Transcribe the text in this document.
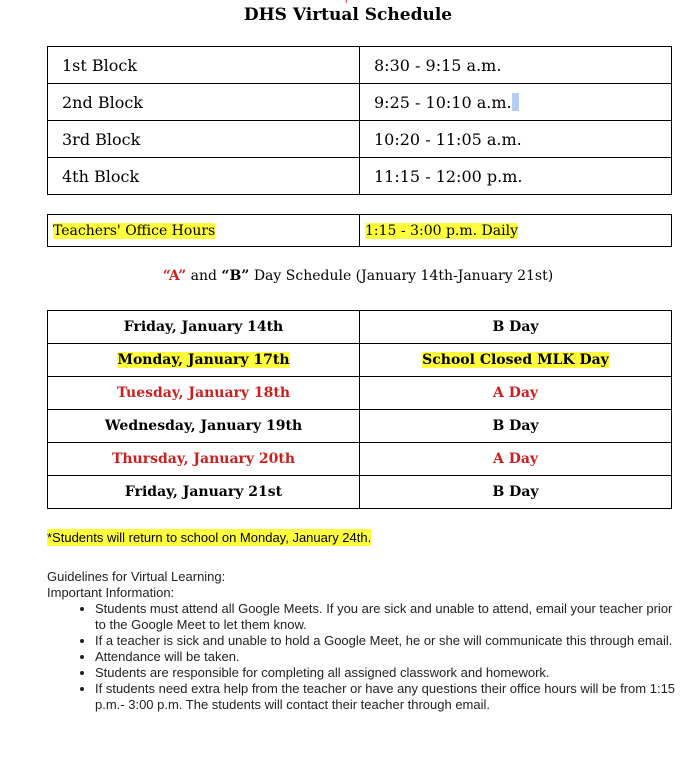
DHS Virtual Schedule
1st Block	8:30 - 9:15 a.m.
2nd Block	9:25 - 10:10 a.m.
3rd Block	10:20 - 11:05 a.m.
4th Block	11:15 - 12:00 p.m.
Teachers' Office Hours	1:15 - 3:00 p.m. Daily
“A” and “B” Day Schedule (January 14th-January 21st)
Friday, January 14th	B Day
Monday, January 17th	School Closed MLK Day
Tuesday, January 18th	A Day
Wednesday, January 19th	B Day
Thursday, January 20th	A Day
Friday, January 21st	B Day
*Students will return to school on Monday, January 24th.
Guidelines for Virtual Learning:
Important Information:
• Students must attend all Google Meets. If you are sick and unable to attend, email your teacher prior to the Google Meet to let them know.
• If a teacher is sick and unable to hold a Google Meet, he or she will communicate this through email.
• Attendance will be taken.
• Students are responsible for completing all assigned classwork and homework.
• If students need extra help from the teacher or have any questions their office hours will be from 1:15 p.m.- 3:00 p.m. The students will contact their teacher through email.
